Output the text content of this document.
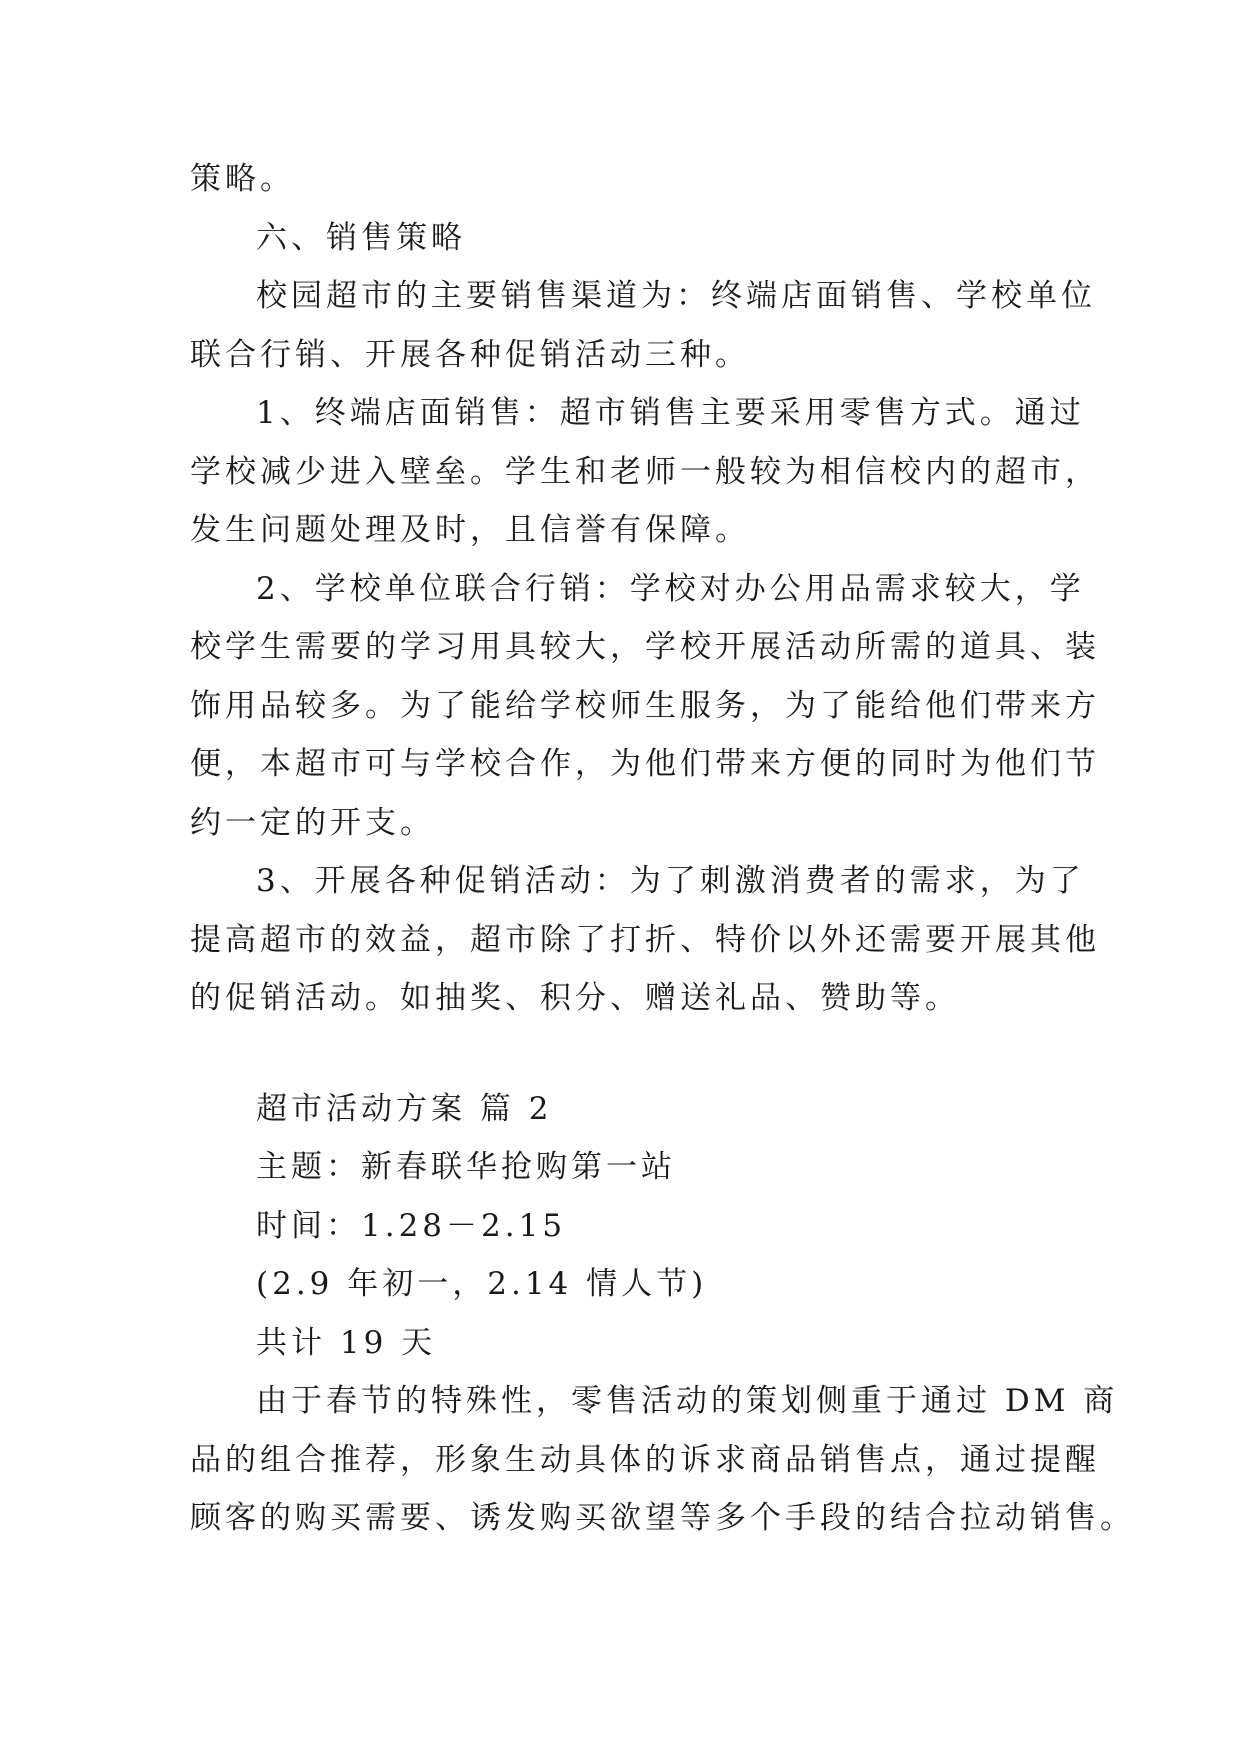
策略。
六、销售策略
校园超市的主要销售渠道为：终端店面销售、学校单位
联合行销、开展各种促销活动三种。
1、终端店面销售：超市销售主要采用零售方式。通过
学校减少进入壁垒。学生和老师一般较为相信校内的超市，
发生问题处理及时，且信誉有保障。
2、学校单位联合行销：学校对办公用品需求较大，学
校学生需要的学习用具较大，学校开展活动所需的道具、装
饰用品较多。为了能给学校师生服务，为了能给他们带来方
便，本超市可与学校合作，为他们带来方便的同时为他们节
约一定的开支。
3、开展各种促销活动：为了刺激消费者的需求，为了
提高超市的效益，超市除了打折、特价以外还需要开展其他
的促销活动。如抽奖、积分、赠送礼品、赞助等。
超市活动方案 篇 2
主题：新春联华抢购第一站
时间：1.28－2.15
(2.9 年初一，2.14 情人节)
共计 19 天
由于春节的特殊性，零售活动的策划侧重于通过 DM 商
品的组合推荐，形象生动具体的诉求商品销售点，通过提醒
顾客的购买需要、诱发购买欲望等多个手段的结合拉动销售。
